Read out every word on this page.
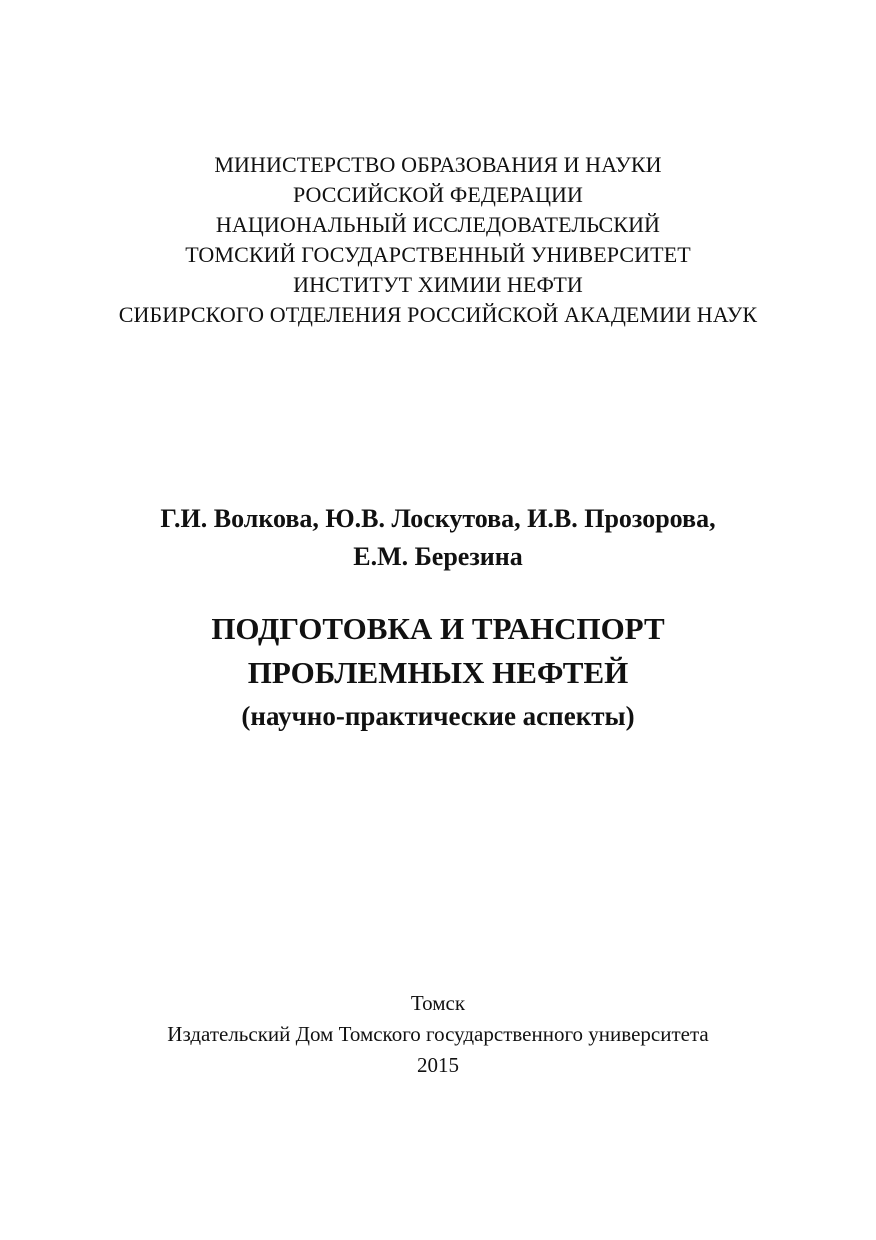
МИНИСТЕРСТВО ОБРАЗОВАНИЯ И НАУКИ
РОССИЙСКОЙ ФЕДЕРАЦИИ
НАЦИОНАЛЬНЫЙ ИССЛЕДОВАТЕЛЬСКИЙ
ТОМСКИЙ ГОСУДАРСТВЕННЫЙ УНИВЕРСИТЕТ
ИНСТИТУТ ХИМИИ НЕФТИ
СИБИРСКОГО ОТДЕЛЕНИЯ РОССИЙСКОЙ АКАДЕМИИ НАУК
Г.И. Волкова, Ю.В. Лоскутова, И.В. Прозорова,
Е.М. Березина
ПОДГОТОВКА И ТРАНСПОРТ
ПРОБЛЕМНЫХ НЕФТЕЙ
(научно-практические аспекты)
Томск
Издательский Дом Томского государственного университета
2015
